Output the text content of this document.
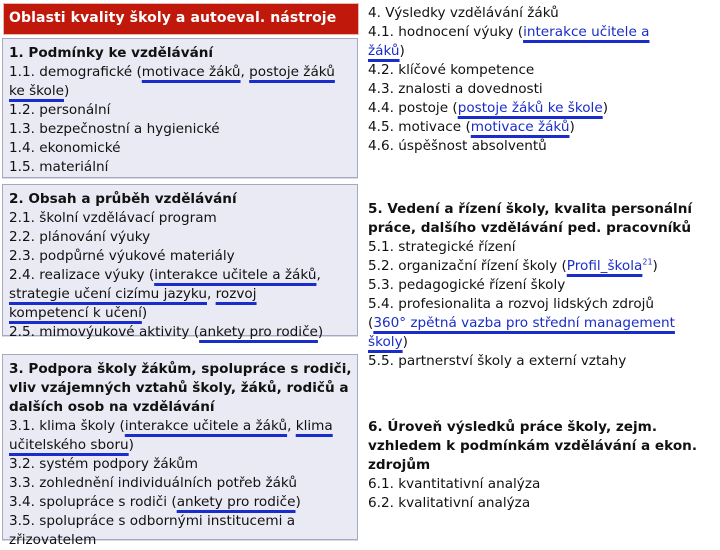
Oblasti kvality školy a autoeval. nástroje
1. Podmínky ke vzdělávání
1.1. demografické (motivace žáků, postoje žáků
ke škole)
1.2. personální
1.3. bezpečnostní a hygienické
1.4. ekonomické
1.5. materiální
2. Obsah a průběh vzdělávání
2.1. školní vzdělávací program
2.2. plánování výuky
2.3. podpůrné výukové materiály
2.4. realizace výuky (interakce učitele a žáků,
strategie učení cizímu jazyku, rozvoj
kompetencí k učení)
2.5. mimovýukové aktivity (ankety pro rodiče)
3. Podpora školy žákům, spolupráce s rodiči,
vliv vzájemných vztahů školy, žáků, rodičů a
dalších osob na vzdělávání
3.1. klima školy (interakce učitele a žáků, klima
učitelského sboru)
3.2. systém podpory žákům
3.3. zohlednění individuálních potřeb žáků
3.4. spolupráce s rodiči (ankety pro rodiče)
3.5. spolupráce s odbornými institucemi a
zřizovatelem
4. Výsledky vzdělávání žáků
4.1. hodnocení výuky (interakce učitele a
žáků)
4.2. klíčové kompetence
4.3. znalosti a dovednosti
4.4. postoje (postoje žáků ke škole)
4.5. motivace (motivace žáků)
4.6. úspěšnost absolventů
5. Vedení a řízení školy, kvalita personální
práce, dalšího vzdělávání ped. pracovníků
5.1. strategické řízení
5.2. organizační řízení školy (Profil_škola$^{21}$)
5.3. pedagogické řízení školy
5.4. profesionalita a rozvoj lidských zdrojů
(360° zpětná vazba pro střední management
školy)
5.5. partnerství školy a externí vztahy
6. Úroveň výsledků práce školy, zejm.
vzhledem k podmínkám vzdělávání a ekon.
zdrojům
6.1. kvantitativní analýza
6.2. kvalitativní analýza
